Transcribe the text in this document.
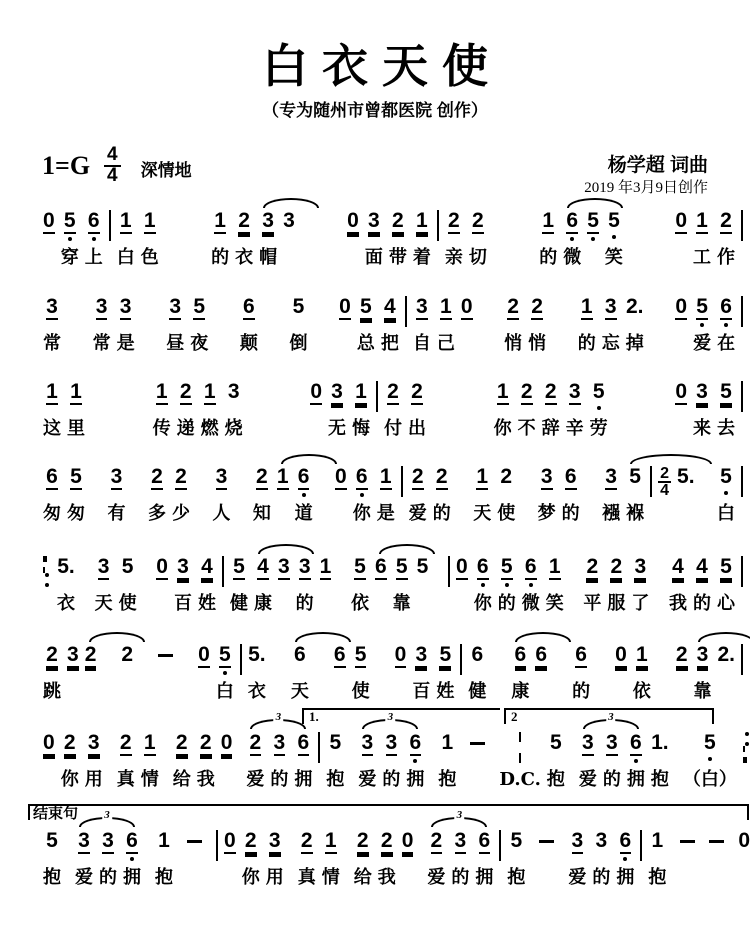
白衣天使
（专为随州市曾都医院 创作）
1=G 4
4 深情地	杨学超 词曲
2019 年3月9日创作
0 5
穿
6
上
1
白
1
色
1
的
2
衣
3
帽
3 0 3
面
2
带
1
着
2
亲
2
切
1
的
6
微
5 5
笑
0 1
工
2
作
3
常
3
常
3
是
3
昼
5
夜
6
颠
5
倒
0 5
总
4
把
3
自
1
己
0 2
悄
2
悄
1
的
3
忘
2.
掉
0 5
爱
6
在
1
这
1
里
1
传
2
递
1
燃
3
烧
0 3
无
1
悔
2
付
2
出
1
你
2
不
2
辞
3
辛
5
劳
0 3
来
5
去
6
匆
5
匆
3
有
2
多
2
少
3
人
2
知
1 6
道
0 6
你
1
是
2
爱
2
的
1
天
2
使
3
梦
6
的
3
襁
5
褓
2
4
5. 5
白
5.
衣
3
天
5
使
0 3
百
4
姓
5
健
4
康
3 3
的
1 5
依
6 5
靠
5 0 6
你
5
的
6
微
1
笑
2
平
2
服
3
了
4
我
4
的
5
心
2
跳
3 2 2	0 5
白
5.
衣
6
天
6 5
使
0 3
百
5
姓
6
健
6
康
6 6
的
0 1
依
2 3
靠
2.
1.	2
0 2
你
3
用
2
真
1
情
2
给
2
我
0 2
爱
3
3
的
6
拥
5
抱
3
爱
3
3
的
6
拥
1
抱 D.C.
5
抱
3
爱
3
3
的
6
拥
1.
抱
5
（白）
结束句
5
抱
3
爱
3
3
的
6
拥
1
抱
0 2
你
3
用
2
真
1
情
2
给
2
我
0 2
爱
3
3
的
6
拥
5
抱
3
爱
3
的
6
拥
1
抱
0
